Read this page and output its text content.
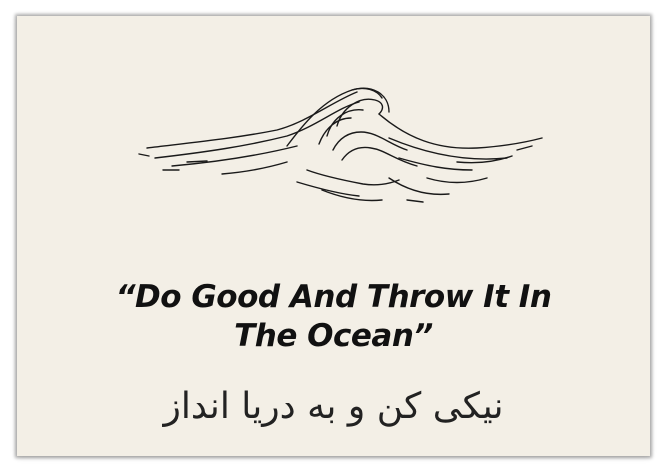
“Do Good And Throw It In
The Ocean”
نیکی کن و به دریا انداز
